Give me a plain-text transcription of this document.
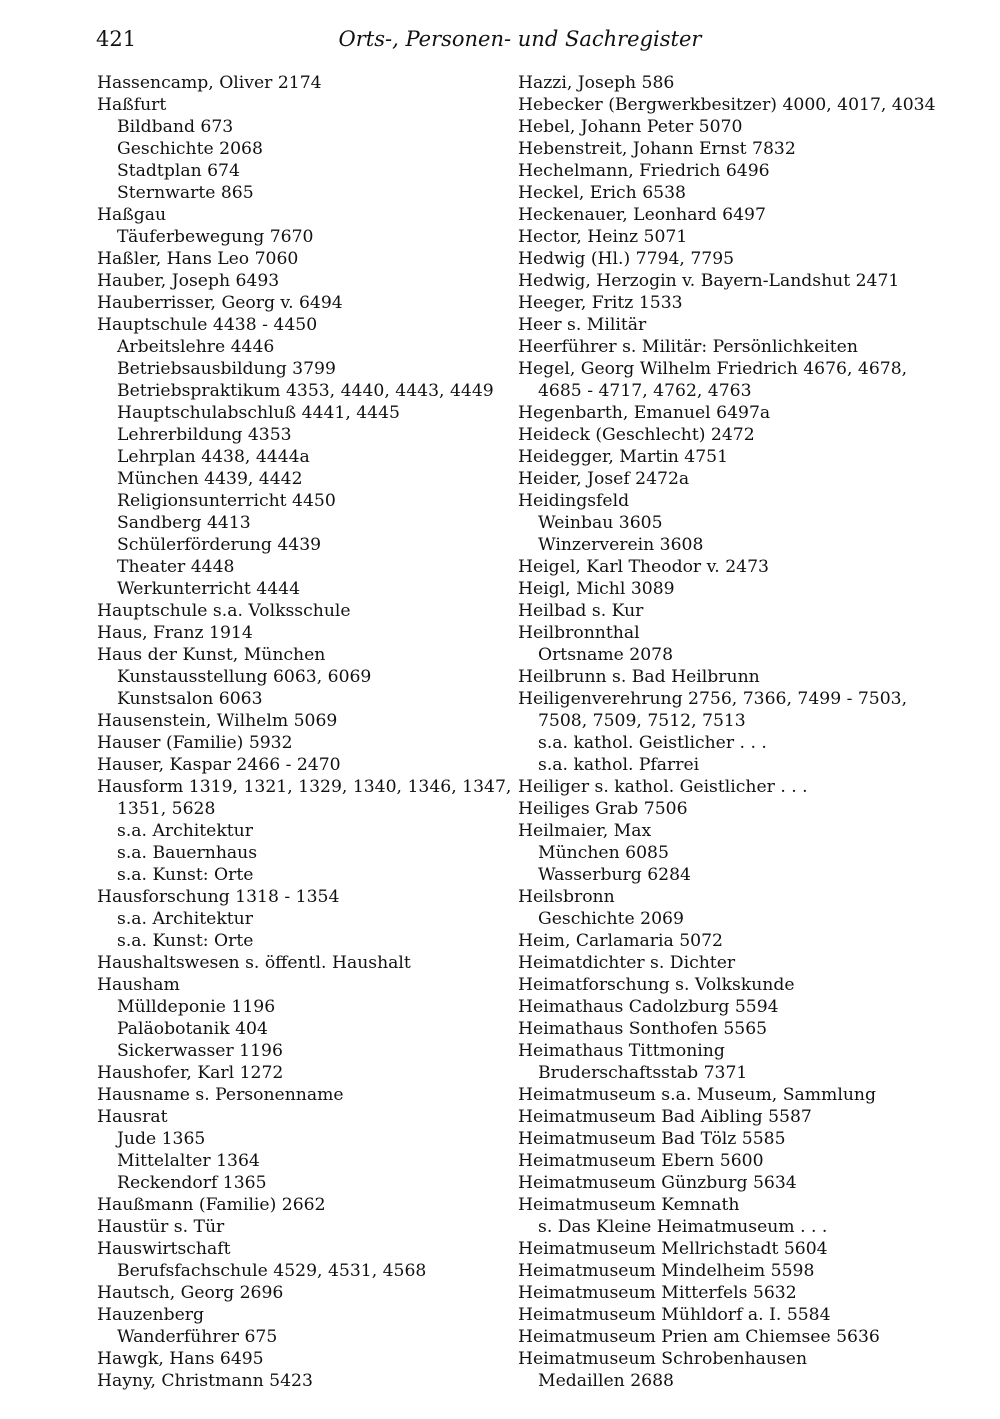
421	Orts-, Personen- und Sachregister
Hassencamp, Oliver 2174
Haßfurt
Bildband 673
Geschichte 2068
Stadtplan 674
Sternwarte 865
Haßgau
Täuferbewegung 7670
Haßler, Hans Leo 7060
Hauber, Joseph 6493
Hauberrisser, Georg v. 6494
Hauptschule 4438 - 4450
Arbeitslehre 4446
Betriebsausbildung 3799
Betriebspraktikum 4353, 4440, 4443, 4449
Hauptschulabschluß 4441, 4445
Lehrerbildung 4353
Lehrplan 4438, 4444a
München 4439, 4442
Religionsunterricht 4450
Sandberg 4413
Schülerförderung 4439
Theater 4448
Werkunterricht 4444
Hauptschule s.a. Volksschule
Haus, Franz 1914
Haus der Kunst, München
Kunstausstellung 6063, 6069
Kunstsalon 6063
Hausenstein, Wilhelm 5069
Hauser (Familie) 5932
Hauser, Kaspar 2466 - 2470
Hausform 1319, 1321, 1329, 1340, 1346, 1347,
1351, 5628
s.a. Architektur
s.a. Bauernhaus
s.a. Kunst: Orte
Hausforschung 1318 - 1354
s.a. Architektur
s.a. Kunst: Orte
Haushaltswesen s. öffentl. Haushalt
Hausham
Mülldeponie 1196
Paläobotanik 404
Sickerwasser 1196
Haushofer, Karl 1272
Hausname s. Personenname
Hausrat
Jude 1365
Mittelalter 1364
Reckendorf 1365
Haußmann (Familie) 2662
Haustür s. Tür
Hauswirtschaft
Berufsfachschule 4529, 4531, 4568
Hautsch, Georg 2696
Hauzenberg
Wanderführer 675
Hawgk, Hans 6495
Hayny, Christmann 5423
Hazzi, Joseph 586
Hebecker (Bergwerkbesitzer) 4000, 4017, 4034
Hebel, Johann Peter 5070
Hebenstreit, Johann Ernst 7832
Hechelmann, Friedrich 6496
Heckel, Erich 6538
Heckenauer, Leonhard 6497
Hector, Heinz 5071
Hedwig (Hl.) 7794, 7795
Hedwig, Herzogin v. Bayern-Landshut 2471
Heeger, Fritz 1533
Heer s. Militär
Heerführer s. Militär: Persönlichkeiten
Hegel, Georg Wilhelm Friedrich 4676, 4678,
4685 - 4717, 4762, 4763
Hegenbarth, Emanuel 6497a
Heideck (Geschlecht) 2472
Heidegger, Martin 4751
Heider, Josef 2472a
Heidingsfeld
Weinbau 3605
Winzerverein 3608
Heigel, Karl Theodor v. 2473
Heigl, Michl 3089
Heilbad s. Kur
Heilbronnthal
Ortsname 2078
Heilbrunn s. Bad Heilbrunn
Heiligenverehrung 2756, 7366, 7499 - 7503,
7508, 7509, 7512, 7513
s.a. kathol. Geistlicher . . .
s.a. kathol. Pfarrei
Heiliger s. kathol. Geistlicher . . .
Heiliges Grab 7506
Heilmaier, Max
München 6085
Wasserburg 6284
Heilsbronn
Geschichte 2069
Heim, Carlamaria 5072
Heimatdichter s. Dichter
Heimatforschung s. Volkskunde
Heimathaus Cadolzburg 5594
Heimathaus Sonthofen 5565
Heimathaus Tittmoning
Bruderschaftsstab 7371
Heimatmuseum s.a. Museum, Sammlung
Heimatmuseum Bad Aibling 5587
Heimatmuseum Bad Tölz 5585
Heimatmuseum Ebern 5600
Heimatmuseum Günzburg 5634
Heimatmuseum Kemnath
s. Das Kleine Heimatmuseum . . .
Heimatmuseum Mellrichstadt 5604
Heimatmuseum Mindelheim 5598
Heimatmuseum Mitterfels 5632
Heimatmuseum Mühldorf a. I. 5584
Heimatmuseum Prien am Chiemsee 5636
Heimatmuseum Schrobenhausen
Medaillen 2688
